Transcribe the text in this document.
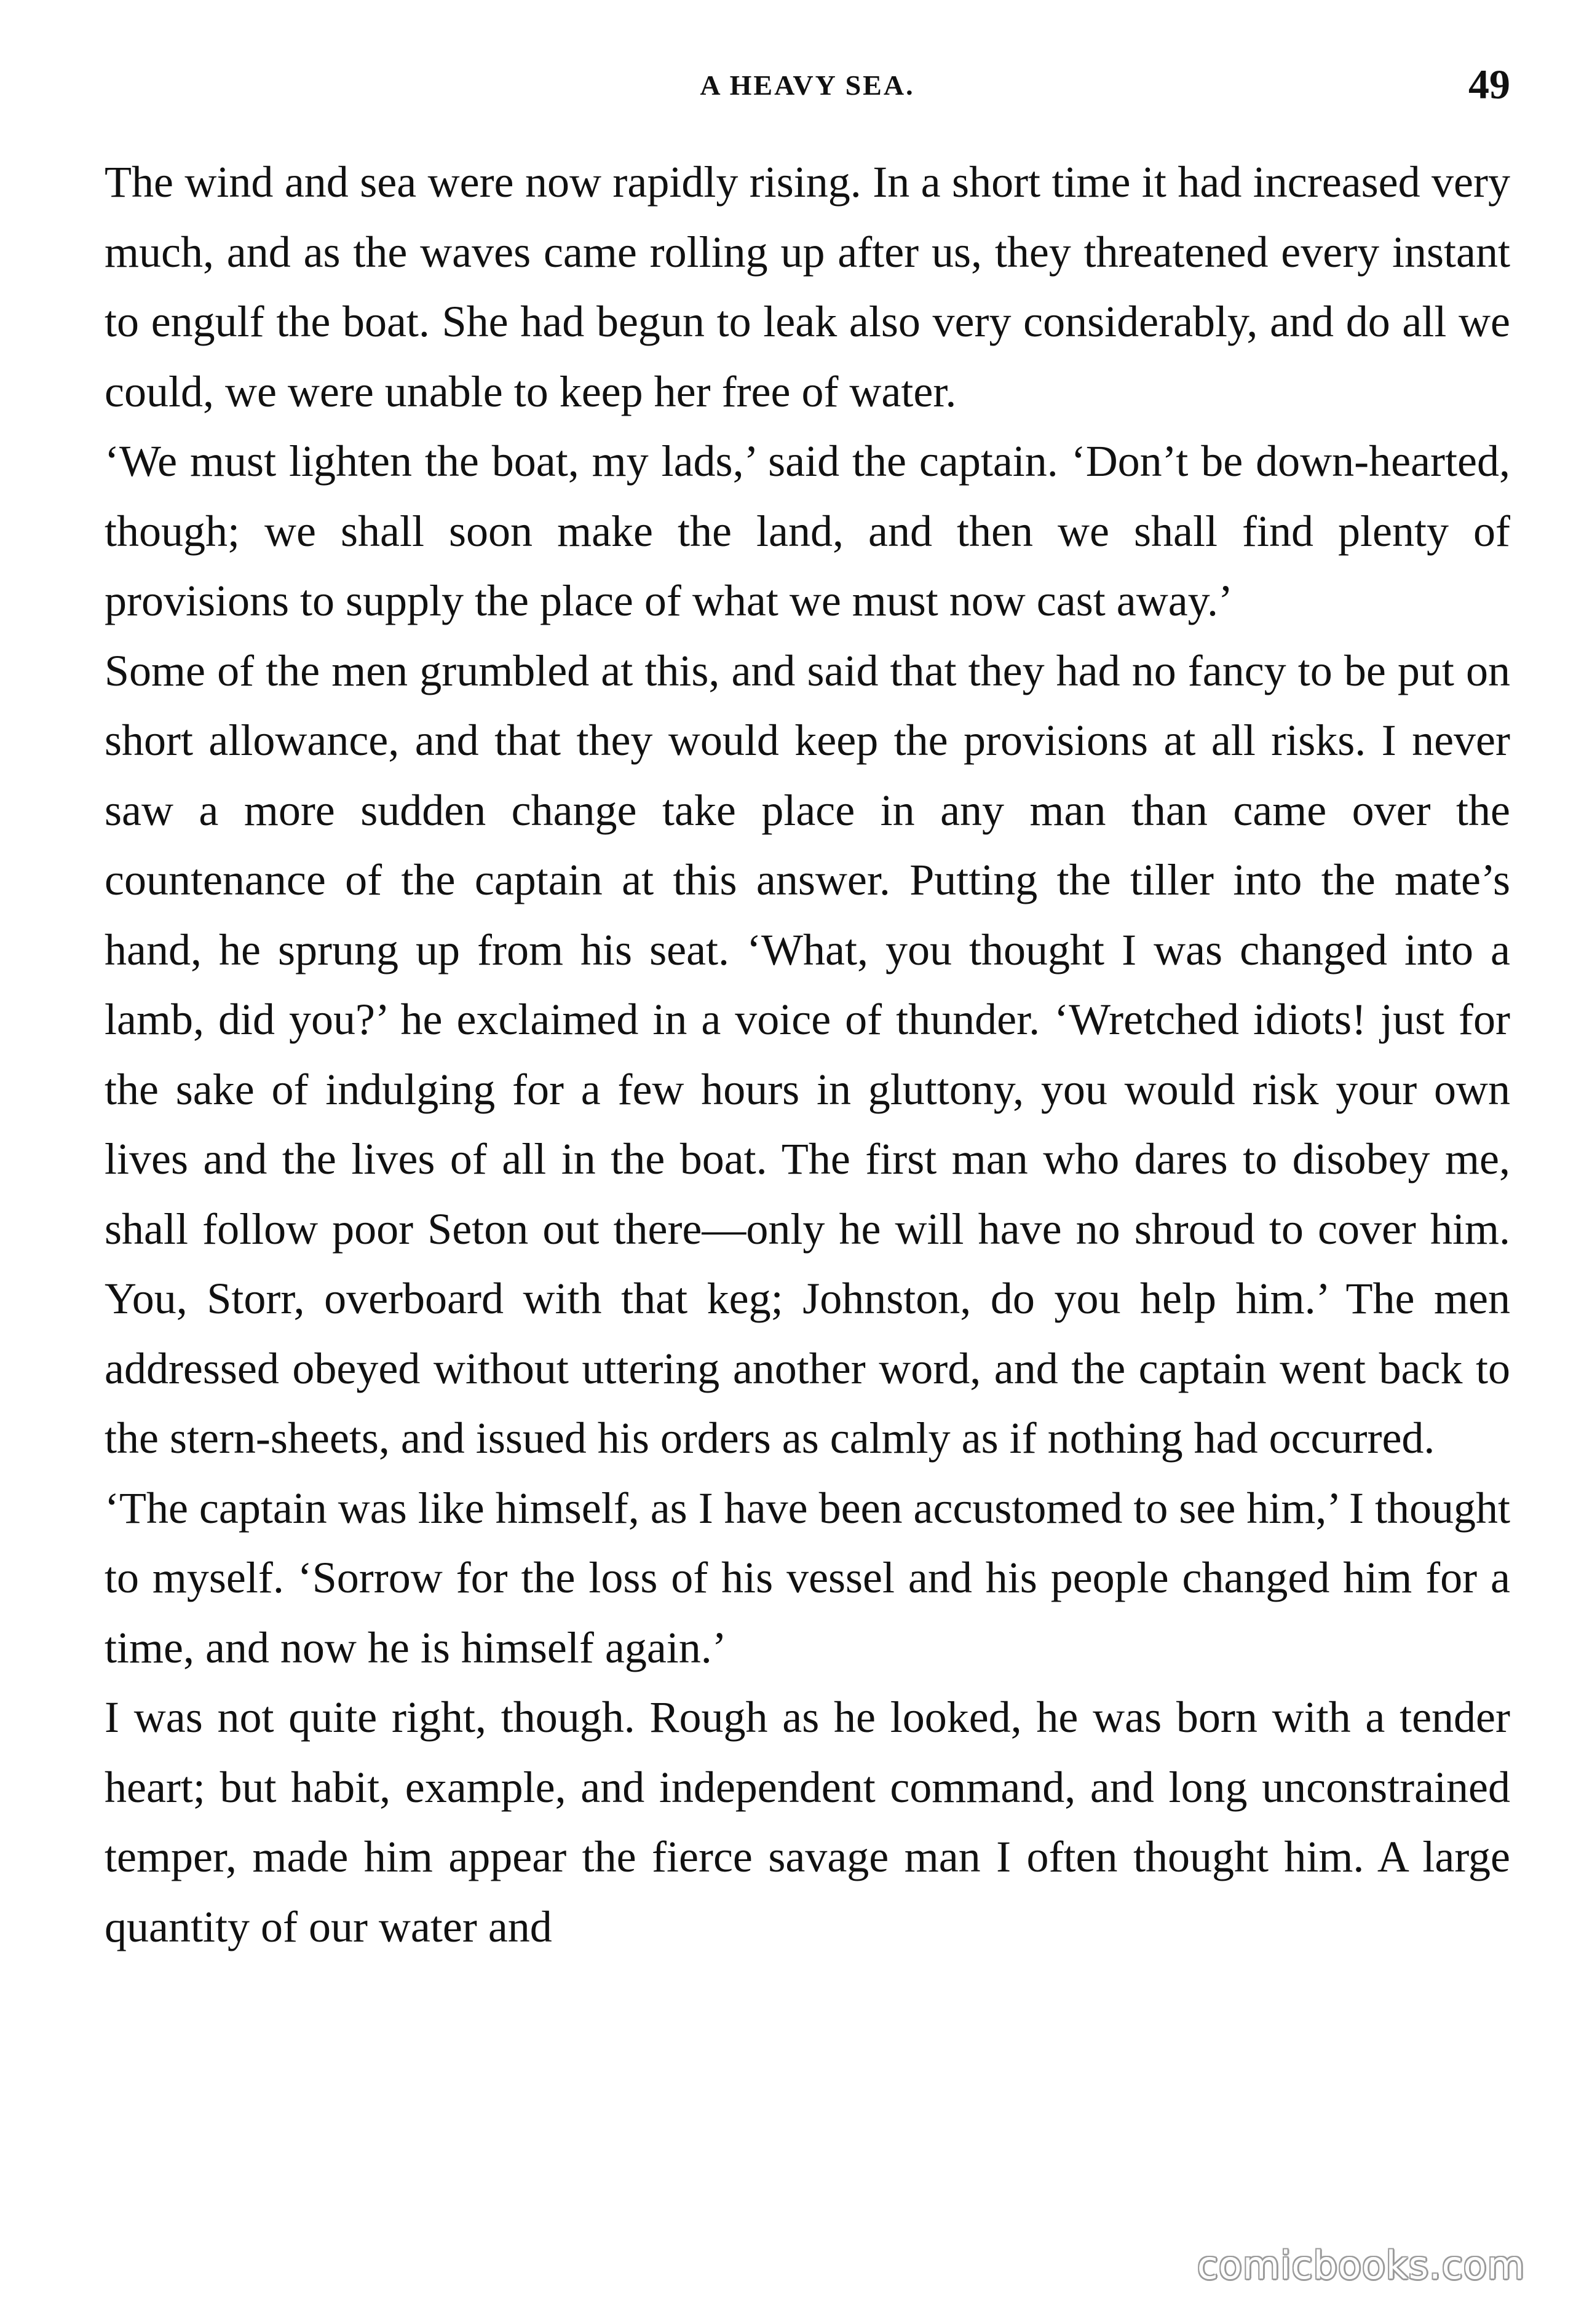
A HEAVY SEA.	49

The wind and sea were now rapidly rising. In a short time it had increased very much, and as the waves came rolling up after us, they threatened every instant to engulf the boat. She had begun to leak also very considerably, and do all we could, we were unable to keep her free of water.

‘We must lighten the boat, my lads,’ said the captain. ‘Don’t be down-hearted, though; we shall soon make the land, and then we shall find plenty of provisions to supply the place of what we must now cast away.’

Some of the men grumbled at this, and said that they had no fancy to be put on short allowance, and that they would keep the provisions at all risks. I never saw a more sudden change take place in any man than came over the countenance of the captain at this answer. Putting the tiller into the mate’s hand, he sprung up from his seat. ‘What, you thought I was changed into a lamb, did you?’ he exclaimed in a voice of thunder. ‘Wretched idiots! just for the sake of indulging for a few hours in gluttony, you would risk your own lives and the lives of all in the boat. The first man who dares to disobey me, shall follow poor Seton out there—only he will have no shroud to cover him. You, Storr, overboard with that keg; Johnston, do you help him.’ The men addressed obeyed without uttering another word, and the captain went back to the stern-sheets, and issued his orders as calmly as if nothing had occurred.

‘The captain was like himself, as I have been accustomed to see him,’ I thought to myself. ‘Sorrow for the loss of his vessel and his people changed him for a time, and now he is himself again.’

I was not quite right, though. Rough as he looked, he was born with a tender heart; but habit, example, and independent command, and long unconstrained temper, made him appear the fierce savage man I often thought him. A large quantity of our water and

comicbooks.com
